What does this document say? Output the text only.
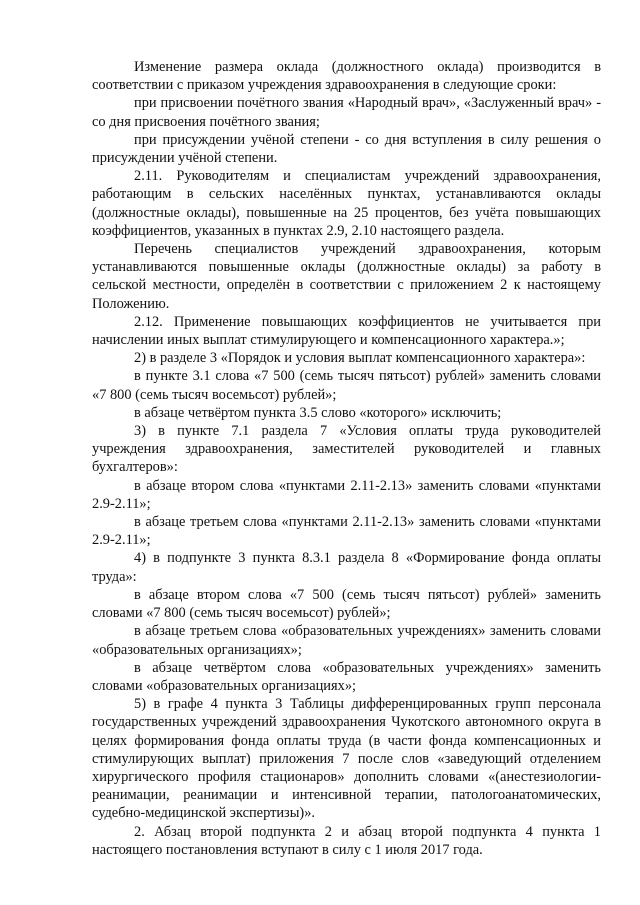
Изменение размера оклада (должностного оклада) производится в соответствии с приказом учреждения здравоохранения в следующие сроки:

при присвоении почётного звания «Народный врач», «Заслуженный врач» - со дня присвоения почётного звания;

при присуждении учёной степени - со дня вступления в силу решения о присуждении учёной степени.

2.11. Руководителям и специалистам учреждений здравоохранения, работающим в сельских населённых пунктах, устанавливаются оклады (должностные оклады), повышенные на 25 процентов, без учёта повышающих коэффициентов, указанных в пунктах 2.9, 2.10 настоящего раздела.

Перечень специалистов учреждений здравоохранения, которым устанавливаются повышенные оклады (должностные оклады) за работу в сельской местности, определён в соответствии с приложением 2 к настоящему Положению.

2.12. Применение повышающих коэффициентов не учитывается при начислении иных выплат стимулирующего и компенсационного характера.»;

2) в разделе 3 «Порядок и условия выплат компенсационного характера»:

в пункте 3.1 слова «7 500 (семь тысяч пятьсот) рублей» заменить словами «7 800 (семь тысяч восемьсот) рублей»;

в абзаце четвёртом пункта 3.5 слово «которого» исключить;

3) в пункте 7.1 раздела 7 «Условия оплаты труда руководителей учреждения здравоохранения, заместителей руководителей и главных бухгалтеров»:

в абзаце втором слова «пунктами 2.11-2.13» заменить словами «пунктами 2.9-2.11»;

в абзаце третьем слова «пунктами 2.11-2.13» заменить словами «пунктами 2.9-2.11»;

4) в подпункте 3 пункта 8.3.1 раздела 8 «Формирование фонда оплаты труда»:

в абзаце втором слова «7 500 (семь тысяч пятьсот) рублей» заменить словами «7 800 (семь тысяч восемьсот) рублей»;

в абзаце третьем слова «образовательных учреждениях» заменить словами «образовательных организациях»;

в абзаце четвёртом слова «образовательных учреждениях» заменить словами «образовательных организациях»;

5) в графе 4 пункта 3 Таблицы дифференцированных групп персонала государственных учреждений здравоохранения Чукотского автономного округа в целях формирования фонда оплаты труда (в части фонда компенсационных и стимулирующих выплат) приложения 7 после слов «заведующий отделением хирургического профиля стационаров» дополнить словами «(анестезиологии-реанимации, реанимации и интенсивной терапии, патологоанатомических, судебно-медицинской экспертизы)».

2. Абзац второй подпункта 2 и абзац второй подпункта 4 пункта 1 настоящего постановления вступают в силу с 1 июля 2017 года.
